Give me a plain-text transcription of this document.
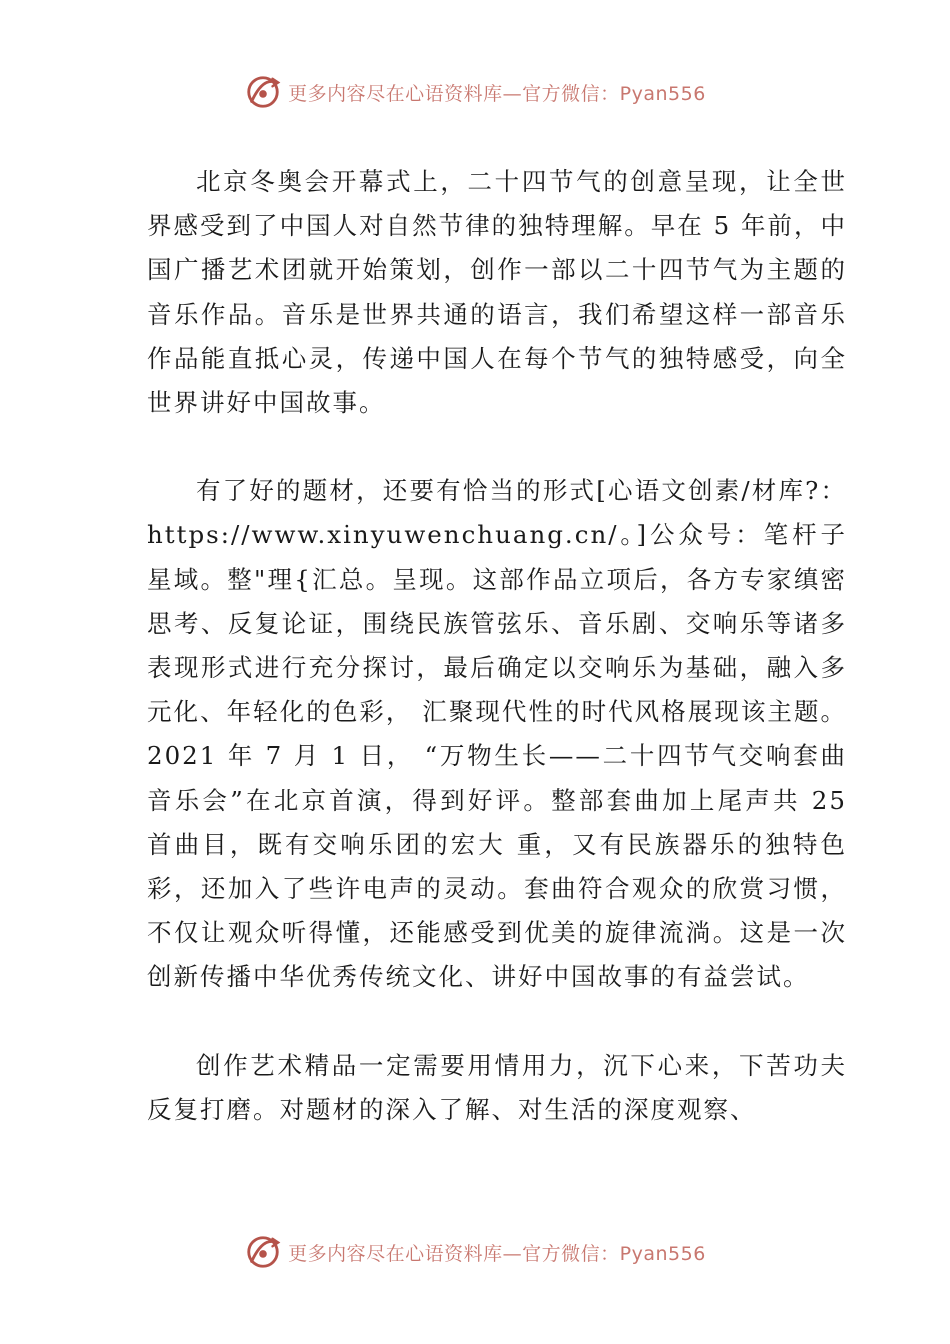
更多内容尽在心语资料库—官方微信：Pyan556

北京冬奥会开幕式上，二十四节气的创意呈现，让全世界感受到了中国人对自然节律的独特理解。早在 5 年前，中国广播艺术团就开始策划，创作一部以二十四节气为主题的音乐作品。音乐是世界共通的语言，我们希望这样一部音乐作品能直抵心灵，传递中国人在每个节气的独特感受，向全世界讲好中国故事。

有了好的题材，还要有恰当的形式[心语文创素/材库?：https://www.xinyuwenchuang.cn/。]公众号：笔杆子星域。整"理{汇总。呈现。这部作品立项后，各方专家缜密思考、反复论证，围绕民族管弦乐、音乐剧、交响乐等诸多表现形式进行充分探讨，最后确定以交响乐为基础，融入多元化、年轻化的色彩， 汇聚现代性的时代风格展现该主题。2021 年 7 月 1 日， “万物生长——二十四节气交响套曲音乐会”在北京首演，得到好评。整部套曲加上尾声共 25 首曲目，既有交响乐团的宏大 重，又有民族器乐的独特色彩，还加入了些许电声的灵动。套曲符合观众的欣赏习惯，不仅让观众听得懂，还能感受到优美的旋律流淌。这是一次创新传播中华优秀传统文化、讲好中国故事的有益尝试。

创作艺术精品一定需要用情用力，沉下心来，下苦功夫反复打磨。对题材的深入了解、对生活的深度观察、

更多内容尽在心语资料库—官方微信：Pyan556
